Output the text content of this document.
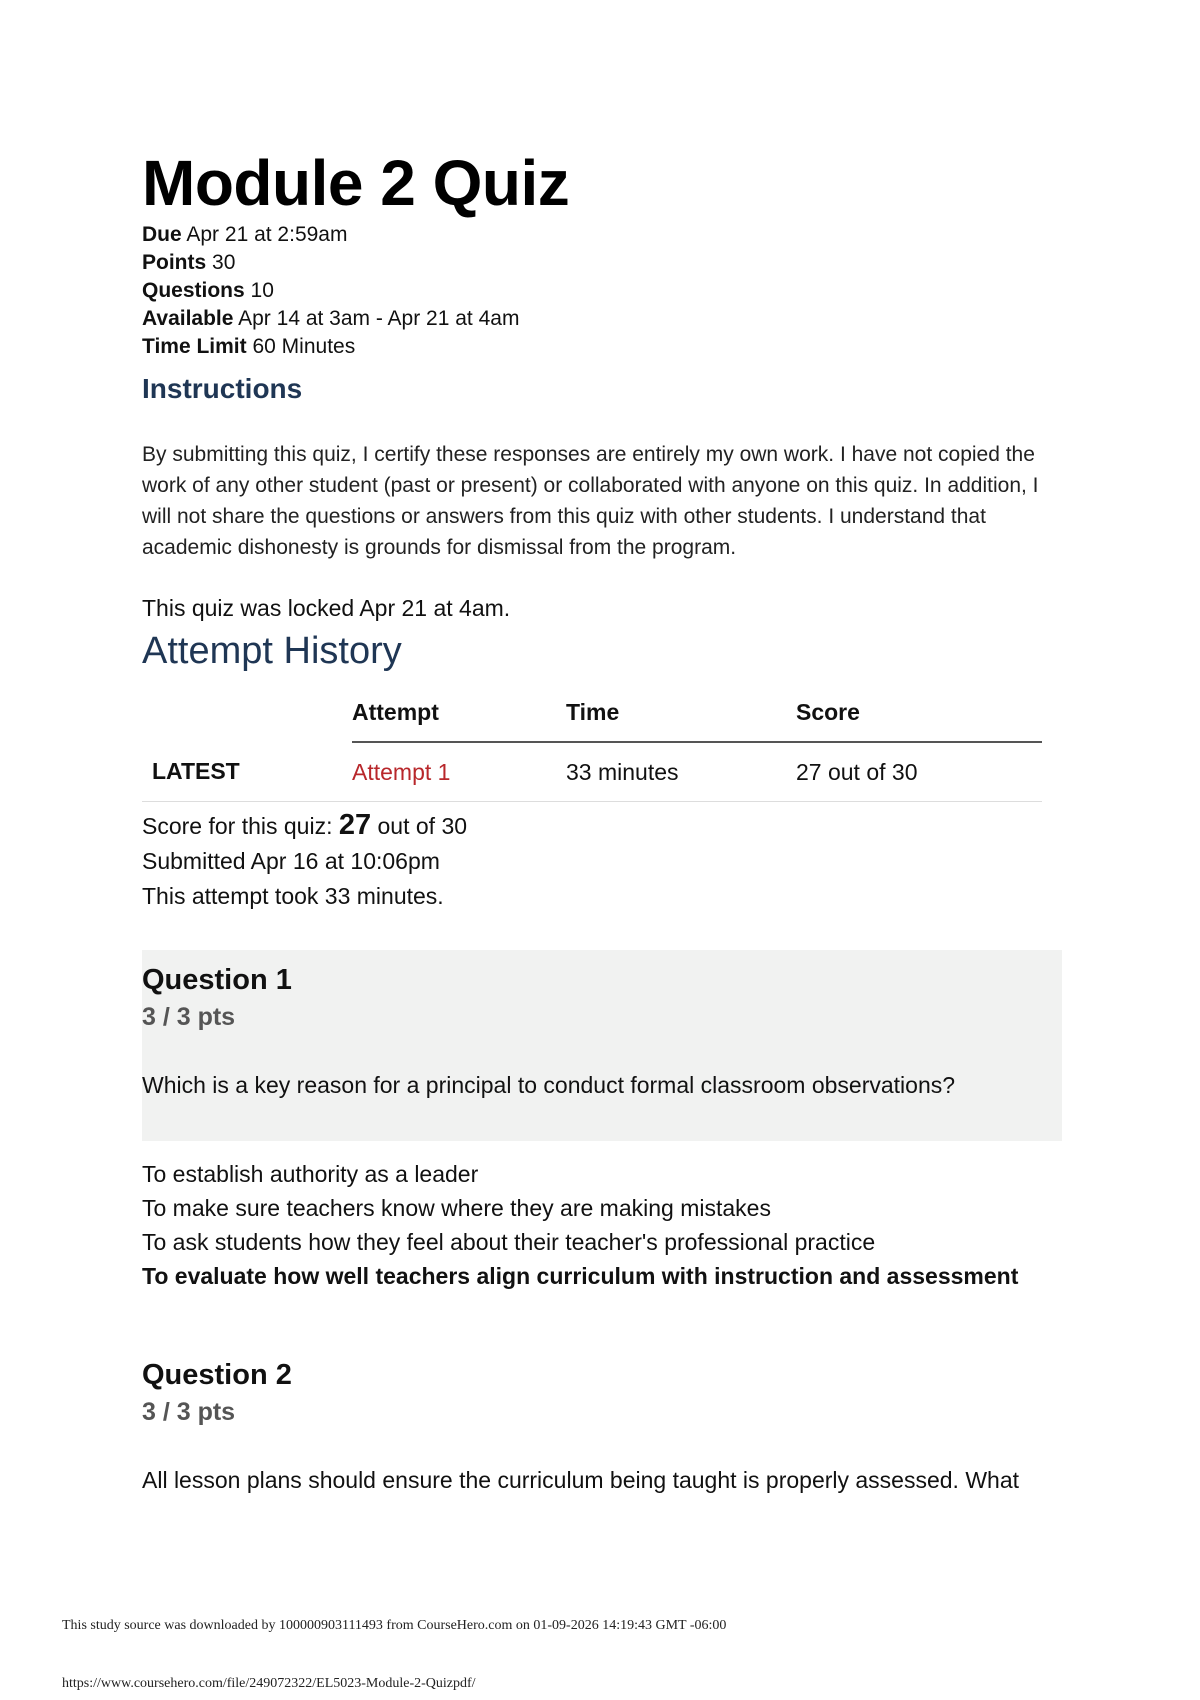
Module 2 Quiz
Due Apr 21 at 2:59am
Points 30
Questions 10
Available Apr 14 at 3am - Apr 21 at 4am
Time Limit 60 Minutes
Instructions
By submitting this quiz, I certify these responses are entirely my own work. I have not copied the work of any other student (past or present) or collaborated with anyone on this quiz. In addition, I will not share the questions or answers from this quiz with other students. I understand that academic dishonesty is grounds for dismissal from the program.
This quiz was locked Apr 21 at 4am.
Attempt History
	Attempt	Time	Score
LATEST	Attempt 1	33 minutes	27 out of 30
Score for this quiz: 27 out of 30
Submitted Apr 16 at 10:06pm
This attempt took 33 minutes.
Question 1
3 / 3 pts
Which is a key reason for a principal to conduct formal classroom observations?
To establish authority as a leader
To make sure teachers know where they are making mistakes
To ask students how they feel about their teacher's professional practice
To evaluate how well teachers align curriculum with instruction and assessment
Question 2
3 / 3 pts
All lesson plans should ensure the curriculum being taught is properly assessed. What
This study source was downloaded by 100000903111493 from CourseHero.com on 01-09-2026 14:19:43 GMT -06:00
https://www.coursehero.com/file/249072322/EL5023-Module-2-Quizpdf/
